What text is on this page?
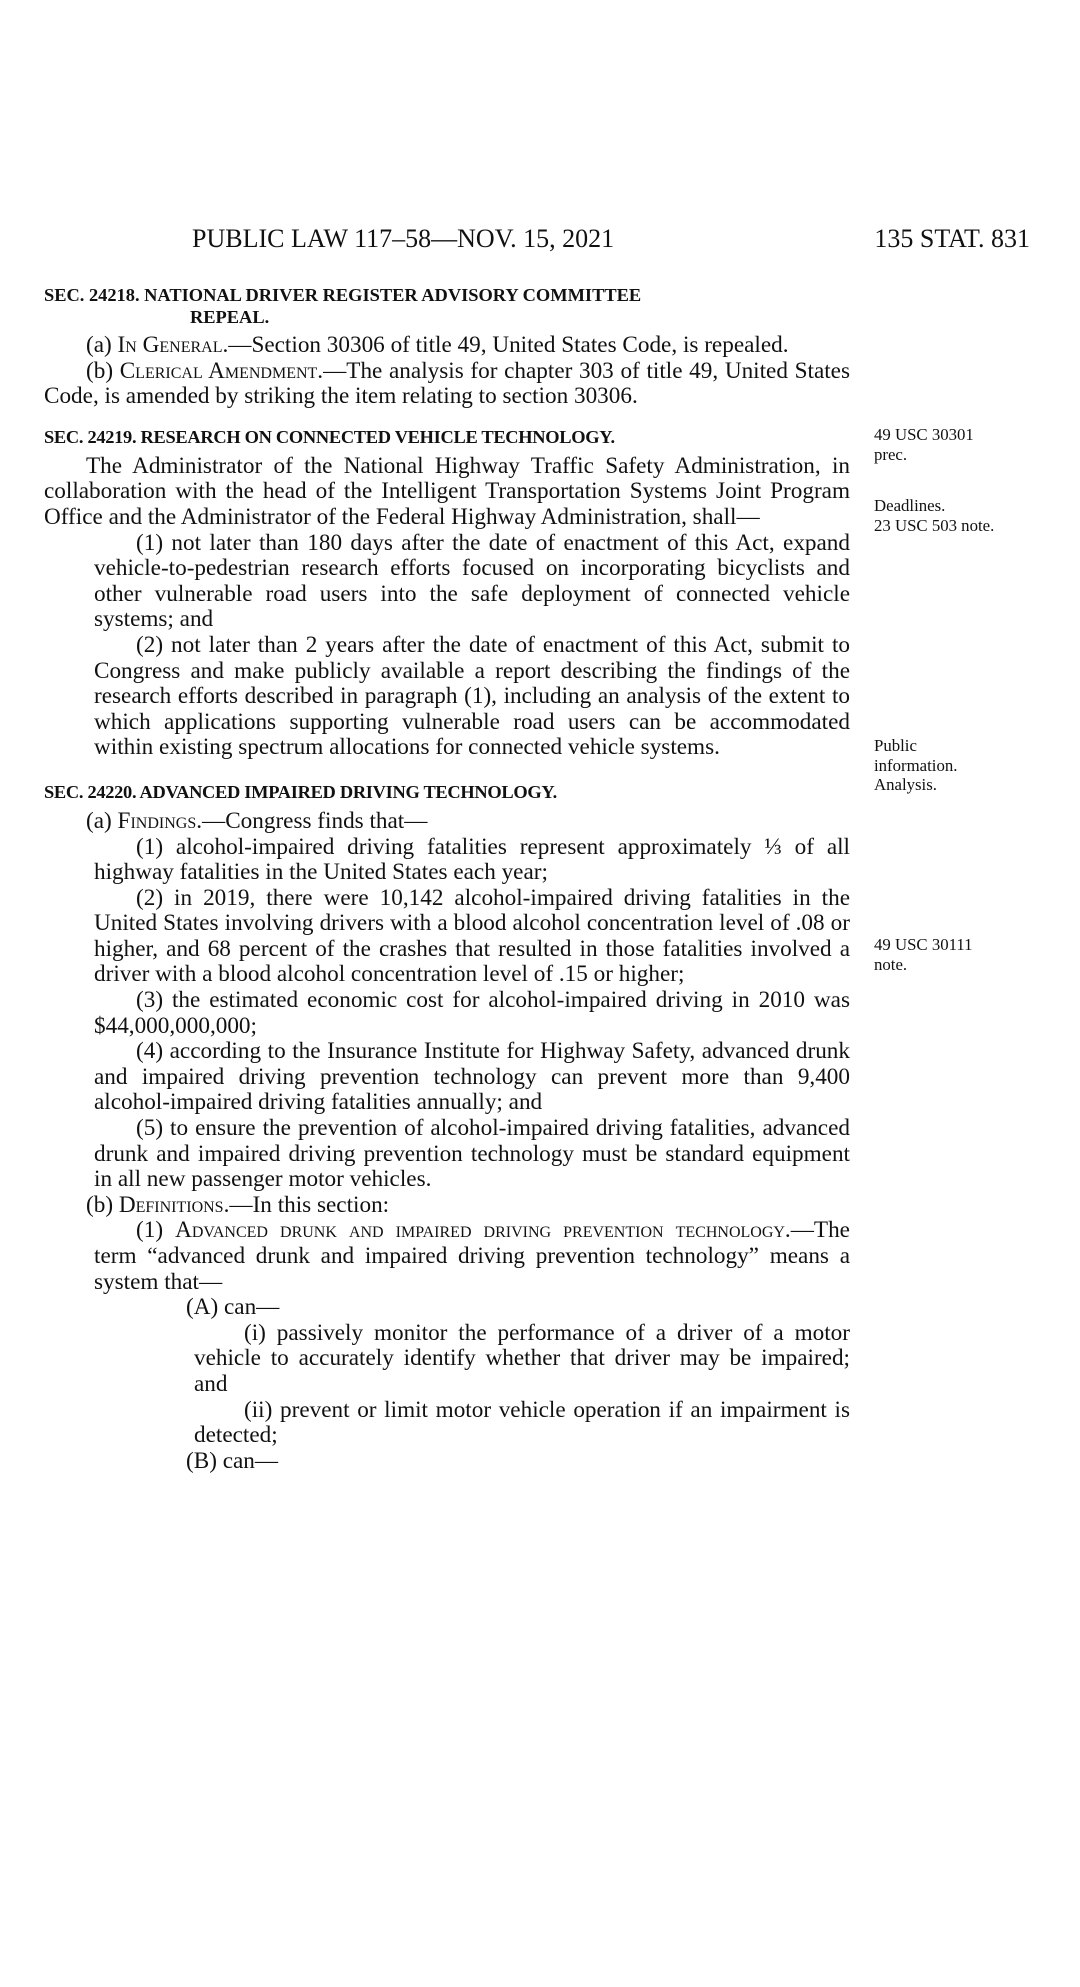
PUBLIC LAW 117–58—NOV. 15, 2021	135 STAT. 831
SEC. 24218. NATIONAL DRIVER REGISTER ADVISORY COMMITTEE
REPEAL.

(a) In General.—Section 30306 of title 49, United States Code, is repealed.

(b) Clerical Amendment.—The analysis for chapter 303 of title 49, United States Code, is amended by striking the item relating to section 30306.

SEC. 24219. RESEARCH ON CONNECTED VEHICLE TECHNOLOGY.

The Administrator of the National Highway Traffic Safety Administration, in collaboration with the head of the Intelligent Transportation Systems Joint Program Office and the Administrator of the Federal Highway Administration, shall—

(1) not later than 180 days after the date of enactment of this Act, expand vehicle-to-pedestrian research efforts focused on incorporating bicyclists and other vulnerable road users into the safe deployment of connected vehicle systems; and

(2) not later than 2 years after the date of enactment of this Act, submit to Congress and make publicly available a report describing the findings of the research efforts described in paragraph (1), including an analysis of the extent to which applications supporting vulnerable road users can be accommodated within existing spectrum allocations for connected vehicle systems.

SEC. 24220. ADVANCED IMPAIRED DRIVING TECHNOLOGY.

(a) Findings.—Congress finds that—

(1) alcohol-impaired driving fatalities represent approximately ⅓ of all highway fatalities in the United States each year;

(2) in 2019, there were 10,142 alcohol-impaired driving fatalities in the United States involving drivers with a blood alcohol concentration level of .08 or higher, and 68 percent of the crashes that resulted in those fatalities involved a driver with a blood alcohol concentration level of .15 or higher;

(3) the estimated economic cost for alcohol-impaired driving in 2010 was $44,000,000,000;

(4) according to the Insurance Institute for Highway Safety, advanced drunk and impaired driving prevention technology can prevent more than 9,400 alcohol-impaired driving fatalities annually; and

(5) to ensure the prevention of alcohol-impaired driving fatalities, advanced drunk and impaired driving prevention technology must be standard equipment in all new passenger motor vehicles.

(b) Definitions.—In this section:

(1) Advanced drunk and impaired driving prevention technology.—The term “advanced drunk and impaired driving prevention technology” means a system that—

(A) can—

(i) passively monitor the performance of a driver of a motor vehicle to accurately identify whether that driver may be impaired; and

(ii) prevent or limit motor vehicle operation if an impairment is detected;

(B) can—

49 USC 30301
prec.
Deadlines.
23 USC 503 note.
Public
information.
Analysis.
49 USC 30111
note.
